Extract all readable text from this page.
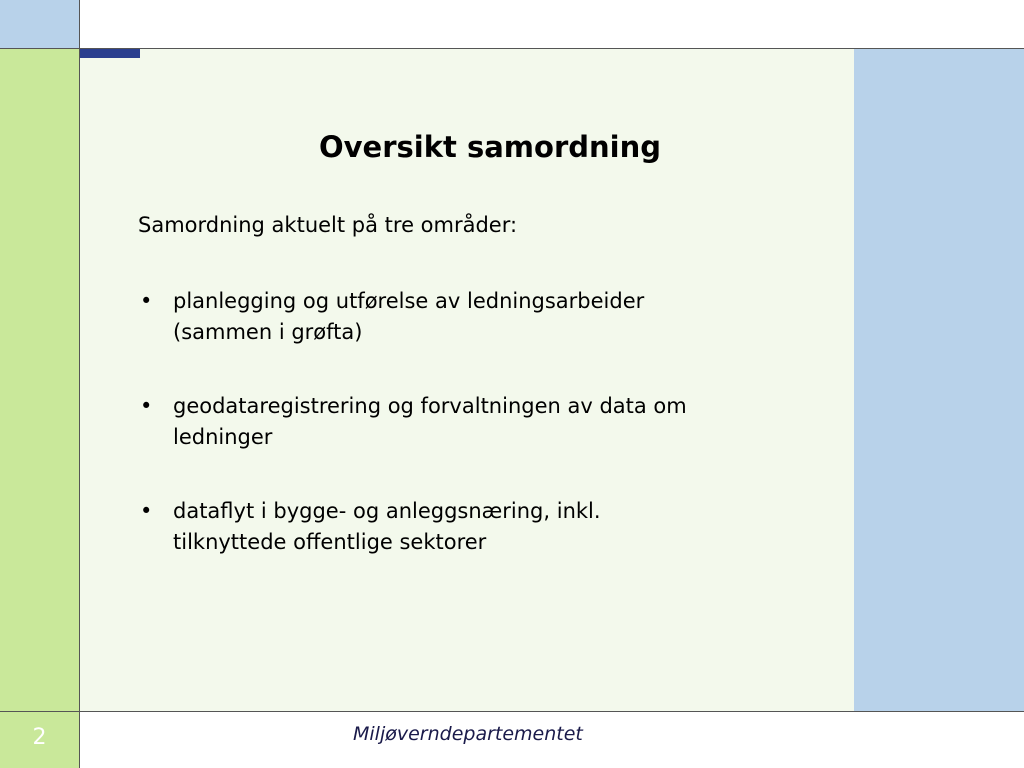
Oversikt samordning

Samordning aktuelt på tre områder:

• planlegging og utførelse av ledningsarbeider
(sammen i grøfta)
• geodataregistrering og forvaltningen av data om
ledninger
• dataflyt i bygge- og anleggsnæring, inkl.
tilknyttede offentlige sektorer
2	Miljøverndepartementet
